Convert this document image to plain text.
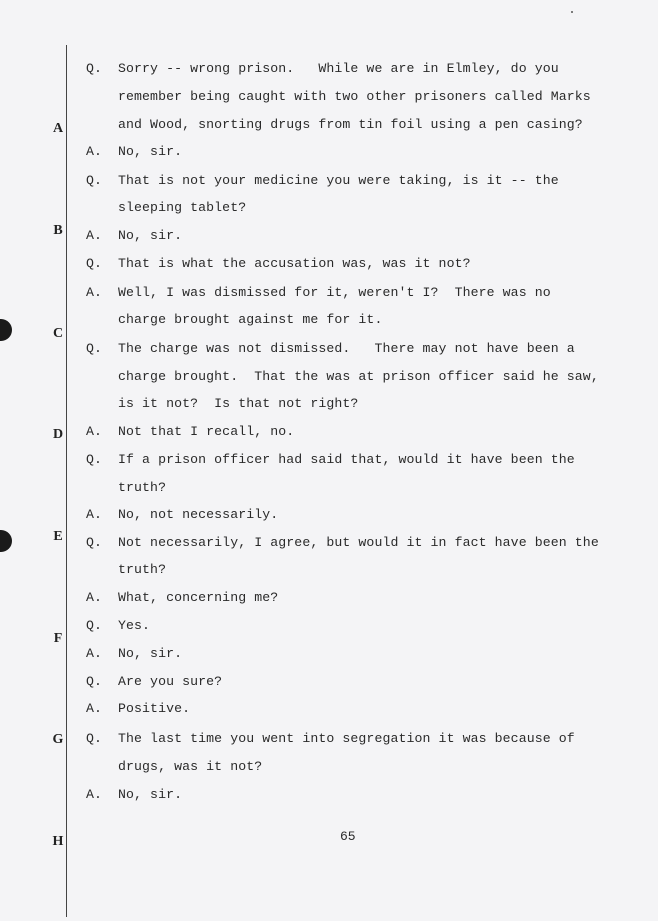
A
B
C
D
E
F
G
H
Q. Sorry -- wrong prison.   While we are in Elmley, do you
remember being caught with two other prisoners called Marks
and Wood, snorting drugs from tin foil using a pen casing?
A. No, sir.
Q. That is not your medicine you were taking, is it -- the
sleeping tablet?
A. No, sir.
Q. That is what the accusation was, was it not?
A. Well, I was dismissed for it, weren't I?  There was no
charge brought against me for it.
Q. The charge was not dismissed.   There may not have been a
charge brought.  That the was at prison officer said he saw,
is it not?  Is that not right?
A. Not that I recall, no.
Q. If a prison officer had said that, would it have been the
truth?
A. No, not necessarily.
Q. Not necessarily, I agree, but would it in fact have been the
truth?
A. What, concerning me?
Q. Yes.
A. No, sir.
Q. Are you sure?
A. Positive.
Q. The last time you went into segregation it was because of
drugs, was it not?
A. No, sir.
65
